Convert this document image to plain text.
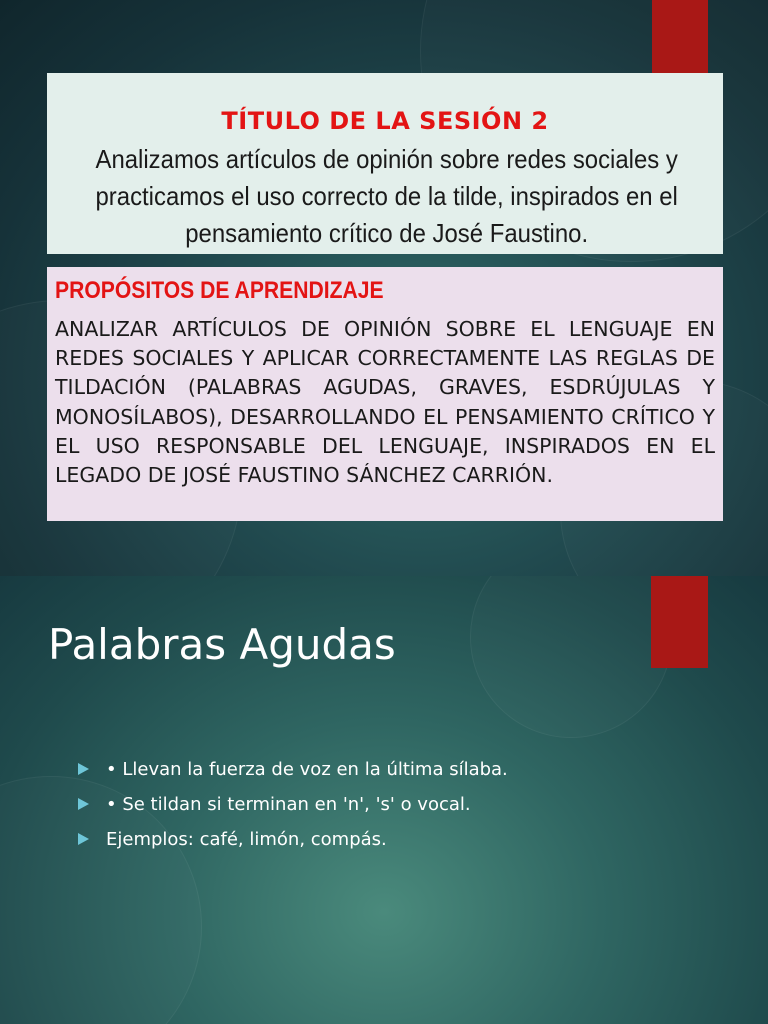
TÍTULO DE LA SESIÓN 2
Analizamos artículos de opinión sobre redes sociales y practicamos el uso correcto de la tilde, inspirados en el pensamiento crítico de José Faustino.
PROPÓSITOS DE APRENDIZAJE
ANALIZAR ARTÍCULOS DE OPINIÓN SOBRE EL LENGUAJE EN REDES SOCIALES Y APLICAR CORRECTAMENTE LAS REGLAS DE TILDACIÓN (PALABRAS AGUDAS, GRAVES, ESDRÚJULAS Y MONOSÍLABOS), DESARROLLANDO EL PENSAMIENTO CRÍTICO Y EL USO RESPONSABLE DEL LENGUAJE, INSPIRADOS EN EL LEGADO DE JOSÉ FAUSTINO SÁNCHEZ CARRIÓN.
Palabras Agudas
• Llevan la fuerza de voz en la última sílaba.
• Se tildan si terminan en 'n', 's' o vocal.
Ejemplos: café, limón, compás.
